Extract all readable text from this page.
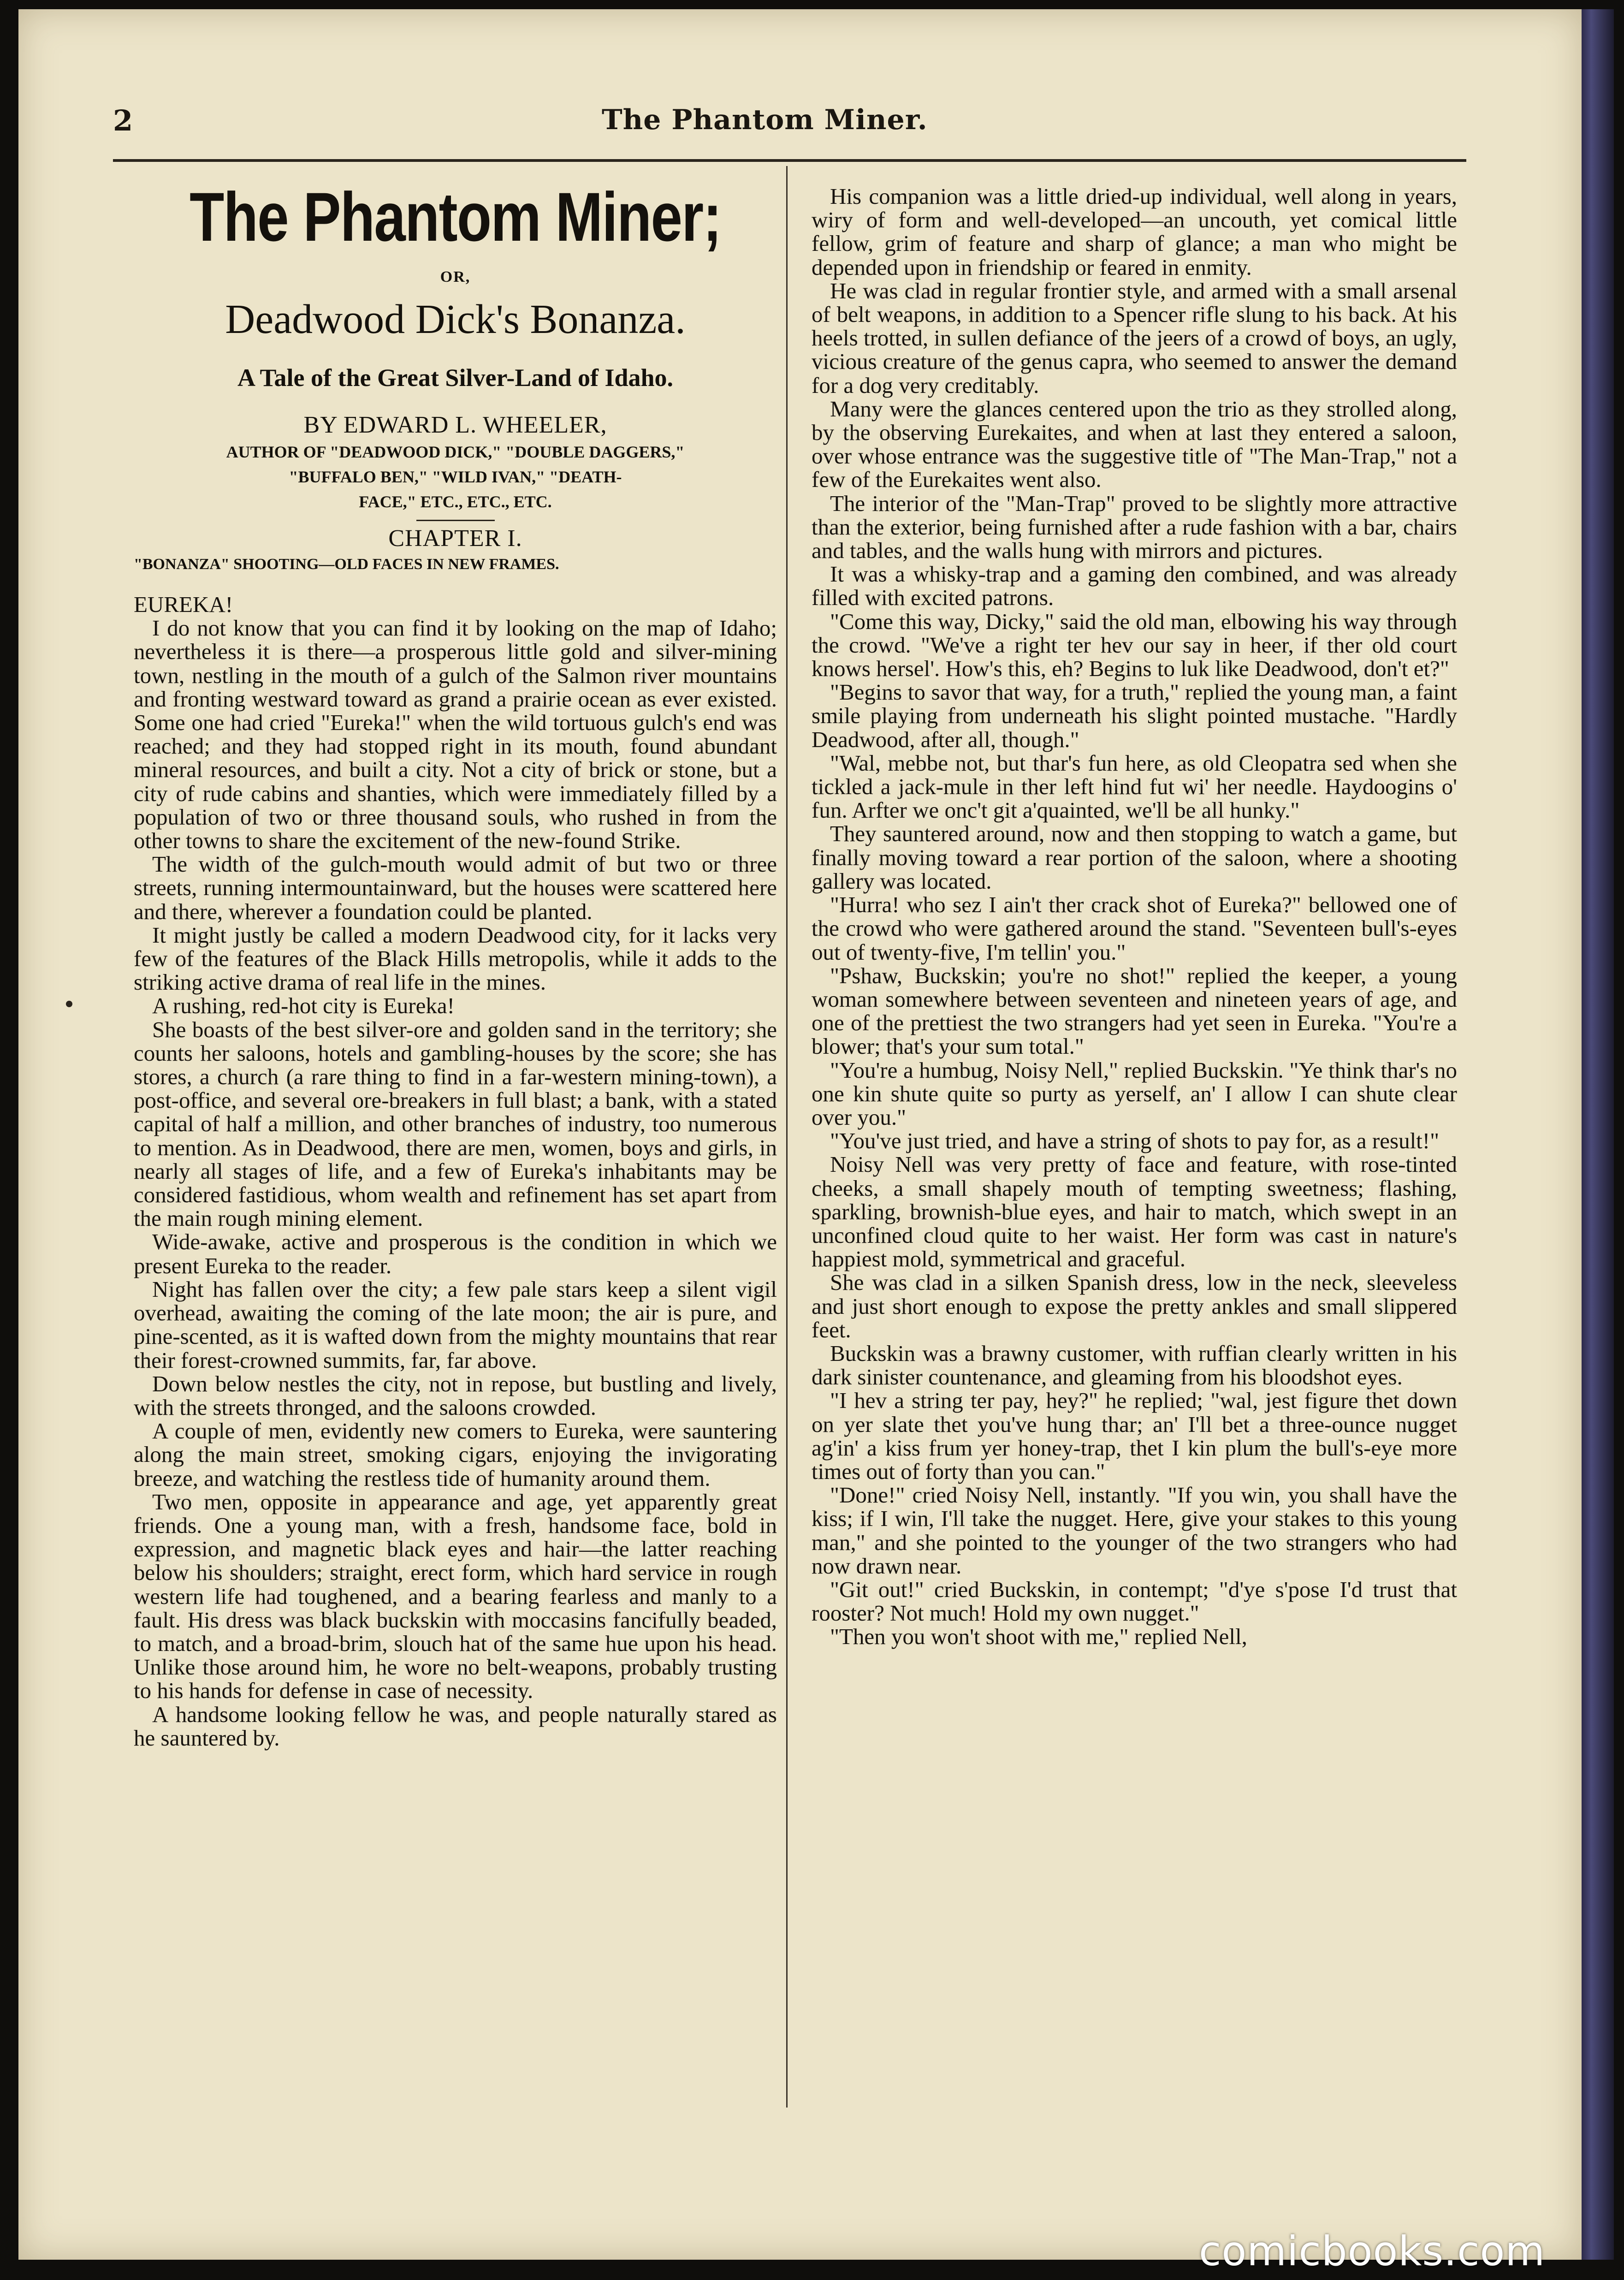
2	The Phantom Miner.
The Phantom Miner;
OR,
Deadwood Dick's Bonanza.
A Tale of the Great Silver-Land of Idaho.
BY EDWARD L. WHEELER,
AUTHOR OF "DEADWOOD DICK," "DOUBLE DAGGERS,"
"BUFFALO BEN," "WILD IVAN," "DEATH-
FACE," ETC., ETC., ETC.
CHAPTER I.
"BONANZA" SHOOTING—OLD FACES IN NEW FRAMES.

EUREKA!

I do not know that you can find it by looking on the map of Idaho; nevertheless it is there—a prosperous little gold and silver-mining town, nestling in the mouth of a gulch of the Salmon river mountains and fronting westward toward as grand a prairie ocean as ever existed. Some one had cried "Eureka!" when the wild tortuous gulch's end was reached; and they had stopped right in its mouth, found abundant mineral resources, and built a city. Not a city of brick or stone, but a city of rude cabins and shanties, which were immediately filled by a population of two or three thousand souls, who rushed in from the other towns to share the excitement of the new-found Strike.

The width of the gulch-mouth would admit of but two or three streets, running intermountainward, but the houses were scattered here and there, wherever a foundation could be planted.

It might justly be called a modern Deadwood city, for it lacks very few of the features of the Black Hills metropolis, while it adds to the striking active drama of real life in the mines.

A rushing, red-hot city is Eureka!

She boasts of the best silver-ore and golden sand in the territory; she counts her saloons, hotels and gambling-houses by the score; she has stores, a church (a rare thing to find in a far-western mining-town), a post-office, and several ore-breakers in full blast; a bank, with a stated capital of half a million, and other branches of industry, too numerous to mention. As in Deadwood, there are men, women, boys and girls, in nearly all stages of life, and a few of Eureka's inhabitants may be considered fastidious, whom wealth and refinement has set apart from the main rough mining element.

Wide-awake, active and prosperous is the condition in which we present Eureka to the reader.

Night has fallen over the city; a few pale stars keep a silent vigil overhead, awaiting the coming of the late moon; the air is pure, and pine-scented, as it is wafted down from the mighty mountains that rear their forest-crowned summits, far, far above.

Down below nestles the city, not in repose, but bustling and lively, with the streets thronged, and the saloons crowded.

A couple of men, evidently new comers to Eureka, were sauntering along the main street, smoking cigars, enjoying the invigorating breeze, and watching the restless tide of humanity around them.

Two men, opposite in appearance and age, yet apparently great friends. One a young man, with a fresh, handsome face, bold in expression, and magnetic black eyes and hair—the latter reaching below his shoulders; straight, erect form, which hard service in rough western life had toughened, and a bearing fearless and manly to a fault. His dress was black buckskin with moccasins fancifully beaded, to match, and a broad-brim, slouch hat of the same hue upon his head. Unlike those around him, he wore no belt-weapons, probably trusting to his hands for defense in case of necessity.

A handsome looking fellow he was, and people naturally stared as he sauntered by.

His companion was a little dried-up individual, well along in years, wiry of form and well-developed—an uncouth, yet comical little fellow, grim of feature and sharp of glance; a man who might be depended upon in friendship or feared in enmity.

He was clad in regular frontier style, and armed with a small arsenal of belt weapons, in addition to a Spencer rifle slung to his back. At his heels trotted, in sullen defiance of the jeers of a crowd of boys, an ugly, vicious creature of the genus capra, who seemed to answer the demand for a dog very creditably.

Many were the glances centered upon the trio as they strolled along, by the observing Eurekaites, and when at last they entered a saloon, over whose entrance was the suggestive title of "The Man-Trap," not a few of the Eurekaites went also.

The interior of the "Man-Trap" proved to be slightly more attractive than the exterior, being furnished after a rude fashion with a bar, chairs and tables, and the walls hung with mirrors and pictures.

It was a whisky-trap and a gaming den combined, and was already filled with excited patrons.

"Come this way, Dicky," said the old man, elbowing his way through the crowd. "We've a right ter hev our say in heer, if ther old court knows hersel'. How's this, eh? Begins to luk like Deadwood, don't et?"

"Begins to savor that way, for a truth," replied the young man, a faint smile playing from underneath his slight pointed mustache. "Hardly Deadwood, after all, though."

"Wal, mebbe not, but thar's fun here, as old Cleopatra sed when she tickled a jack-mule in ther left hind fut wi' her needle. Haydoogins o' fun. Arfter we onc't git a'quainted, we'll be all hunky."

They sauntered around, now and then stopping to watch a game, but finally moving toward a rear portion of the saloon, where a shooting gallery was located.

"Hurra! who sez I ain't ther crack shot of Eureka?" bellowed one of the crowd who were gathered around the stand. "Seventeen bull's-eyes out of twenty-five, I'm tellin' you."

"Pshaw, Buckskin; you're no shot!" replied the keeper, a young woman somewhere between seventeen and nineteen years of age, and one of the prettiest the two strangers had yet seen in Eureka. "You're a blower; that's your sum total."

"You're a humbug, Noisy Nell," replied Buckskin. "Ye think thar's no one kin shute quite so purty as yerself, an' I allow I can shute clear over you."

"You've just tried, and have a string of shots to pay for, as a result!"

Noisy Nell was very pretty of face and feature, with rose-tinted cheeks, a small shapely mouth of tempting sweetness; flashing, sparkling, brownish-blue eyes, and hair to match, which swept in an unconfined cloud quite to her waist. Her form was cast in nature's happiest mold, symmetrical and graceful.

She was clad in a silken Spanish dress, low in the neck, sleeveless and just short enough to expose the pretty ankles and small slippered feet.

Buckskin was a brawny customer, with ruffian clearly written in his dark sinister countenance, and gleaming from his bloodshot eyes.

"I hev a string ter pay, hey?" he replied; "wal, jest figure thet down on yer slate thet you've hung thar; an' I'll bet a three-ounce nugget ag'in' a kiss frum yer honey-trap, thet I kin plum the bull's-eye more times out of forty than you can."

"Done!" cried Noisy Nell, instantly. "If you win, you shall have the kiss; if I win, I'll take the nugget. Here, give your stakes to this young man," and she pointed to the younger of the two strangers who had now drawn near.

"Git out!" cried Buckskin, in contempt; "d'ye s'pose I'd trust that rooster? Not much! Hold my own nugget."

"Then you won't shoot with me," replied Nell,

comicbooks.com
